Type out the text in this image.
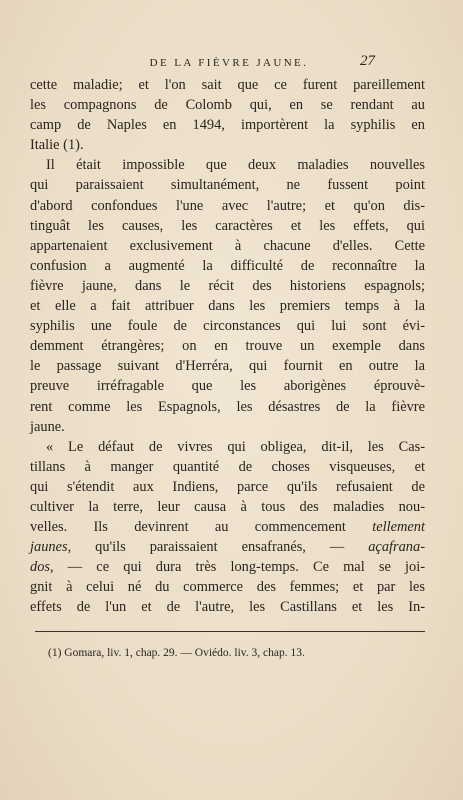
DE LA FIÈVRE JAUNE.	27
cette maladie; et l'on sait que ce furent pareillement
les compagnons de Colomb qui, en se rendant au
camp de Naples en 1494, importèrent la syphilis en
Italie (1).
Il était impossible que deux maladies nouvelles
qui paraissaient simultanément, ne fussent point
d'abord confondues l'une avec l'autre; et qu'on dis-
tinguât les causes, les caractères et les effets, qui
appartenaient exclusivement à chacune d'elles. Cette
confusion a augmenté la difficulté de reconnaître la
fièvre jaune, dans le récit des historiens espagnols;
et elle a fait attribuer dans les premiers temps à la
syphilis une foule de circonstances qui lui sont évi-
demment étrangères; on en trouve un exemple dans
le passage suivant d'Herréra, qui fournit en outre la
preuve irréfragable que les aborigènes éprouvè-
rent comme les Espagnols, les désastres de la fièvre
jaune.
« Le défaut de vivres qui obligea, dit-il, les Cas-
tillans à manger quantité de choses visqueuses, et
qui s'étendit aux Indiens, parce qu'ils refusaient de
cultiver la terre, leur causa à tous des maladies nou-
velles. Ils devinrent au commencement tellement
jaunes, qu'ils paraissaient ensafranés, — açafrana-
dos, — ce qui dura très long-temps. Ce mal se joi-
gnit à celui né du commerce des femmes; et par les
effets de l'un et de l'autre, les Castillans et les In-
(1) Gomara, liv. 1, chap. 29. — Oviédo. liv. 3, chap. 13.
